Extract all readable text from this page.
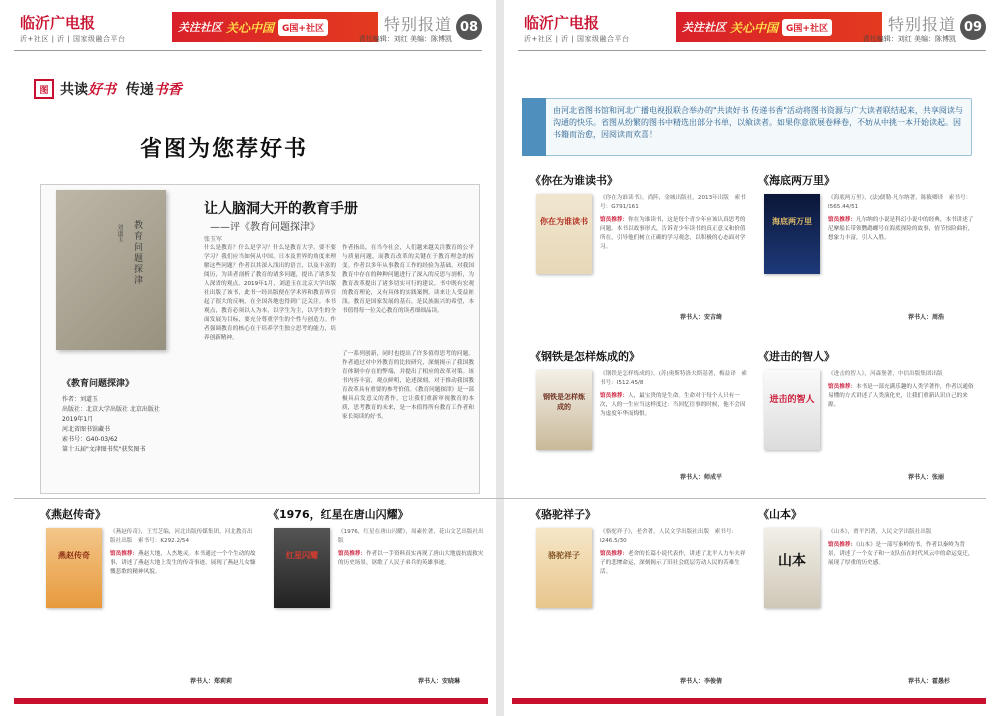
临沂广电报
沂+社区 | 沂 | 国家级融合平台
关注社区 关心中国 G国+社区	特别报道
责任编辑：刘红 美编：陈博凯
08
图 共读好书 传递书香
省图为您荐好书
教育问题探津
刘道玉
《教育问题探津》
作者：刘道玉
出版社：北京大学出版社 北京出版社
2019年1月
河北省图书馆藏书
索书号：G40-03/62
第十五届"文津图书奖"获奖图书
让人脑洞大开的教育手册
——评《教育问题探津》
张玉军
什么是教育？什么是学习？什么是教育大学，要不要学习？我们应当如何从中国、日本及世界的角度来理解这些问题？作者以其深入浅出的语言，以及丰富的阅历，为读者剖析了教育的诸多问题，提出了诸多发人深省的观点。2019年1月，刘道玉在北京大学出版社出版了该书，此书一经出版便在学术界和教育界引起了很大的反响，在全国各地也得到广泛关注。本书观点，教育必须以人为本，以学生为主，以学生的全面发展为目标，要充分尊重学生的个性与创造力。作者强调教育的核心在于培养学生独立思考的能力，培养创新精神。
作者指出，在当今社会，人们越来越关注教育的公平与质量问题，而教育改革的关键在于教育理念的转变。作者以多年从事教育工作的经验为基础，对我国教育中存在的种种问题进行了深入的反思与剖析，为教育改革提出了诸多切实可行的建议。书中既有宏观的教育理论，又有具体的实践案例，读来让人受益匪浅。教育是国家发展的基石，是民族振兴的希望，本书值得每一位关心教育的读者细细品读。
了一系列创新，同时也提出了许多值得思考的问题。作者通过对中外教育的比较研究，深刻揭示了我国教育体制中存在的弊端，并提出了相应的改革对策。该书内容丰富，观点鲜明，论述深刻，对于推动我国教育改革具有重要的参考价值。《教育问题探津》是一部极具启发意义的著作，它让我们重新审视教育的本质，思考教育的未来，是一本值得所有教育工作者和家长阅读的好书。
临沂广电报
沂+社区 | 沂 | 国家级融合平台
关注社区 关心中国 G国+社区	特别报道
责任编辑：刘红 美编：陈博凯
09
由河北省图书馆和河北广播电视报联合举办的"共读好书 传递书香"活动将图书资源与广大读者联结起来，共享阅读与沟通的快乐。省图从纷繁的图书中精选出部分书单，以飨读者。如果你意欲展卷释卷，不妨从中挑一本开始读起。因书籍而治愈，因阅读而欢喜！
《你在为谁读书》
你在为谁读书
《你在为谁读书》，尚阵，金城出版社，2013年出版　索书号：G791/161
馆员推荐：你在为谁读书，这是每个青少年应该认真思考的问题。本书以故事形式，告诉青少年读书的真正意义和价值所在，引导他们树立正确的学习观念，以积极的心态面对学习。
荐书人：安吉绮
《海底两万里》
海底两万里
《海底两万里》，(法)儒勒·凡尔纳著，陈筱卿译　索书号：I565.44/51
馆员推荐：凡尔纳的小说是科幻小说中的经典，本书讲述了尼摩船长带领鹦鹉螺号在海底探险的故事，情节惊险曲折，想象力丰富，引人入胜。
荐书人：周浩
《钢铁是怎样炼成的》
钢铁是怎样炼成的
《钢铁是怎样炼成的》，(苏)奥斯特洛夫斯基著，梅益译　索书号：I512.45/8
馆员推荐：人，最宝贵的是生命。生命对于每个人只有一次，人的一生应当这样度过：当回忆往事的时候，他不会因为虚度年华而悔恨。
荐书人：师成平
《进击的智人》
进击的智人
《进击的智人》，河森堡著，中信出版集团出版
馆员推荐：本书是一部充满乐趣的人类学著作，作者以通俗易懂的方式讲述了人类演化史，让我们重新认识自己的来源。
荐书人：张丽
《燕赵传奇》
燕赵传奇
《燕赵传奇》，王雪芝编，河北出版传媒集团，河北教育出版社出版　索书号：K292.2/54
馆员推荐：燕赵大地，人杰地灵。本书通过一个个生动的故事，讲述了燕赵大地上发生的传奇事迹，展现了燕赵儿女慷慨悲歌的精神风貌。
荐书人：郑莉莉
《1976，红星在唐山闪耀》
红星闪耀
《1976，红星在唐山闪耀》，周素佐著，花山文艺出版社出版
馆员推荐：作者以一手资料真实再现了唐山大地震抗震救灾的历史场景，讴歌了人民子弟兵的英雄事迹。
荐书人：安晓琳
《骆驼祥子》
骆驼祥子
《骆驼祥子》，老舍著，人民文学出版社出版　索书号：I246.5/30
馆员推荐：老舍的长篇小说代表作，讲述了北平人力车夫祥子的悲惨命运，深刻揭示了旧社会底层劳动人民的苦难生活。
荐书人：李俊倩
《山本》
山本
《山本》，贾平凹著，人民文学出版社出版
馆员推荐：《山本》是一部写秦岭的书，作者以秦岭为背景，讲述了一个女子和一支队伍在时代风云中的命运变迁，展现了厚重的历史感。
荐书人：霍愚杉
